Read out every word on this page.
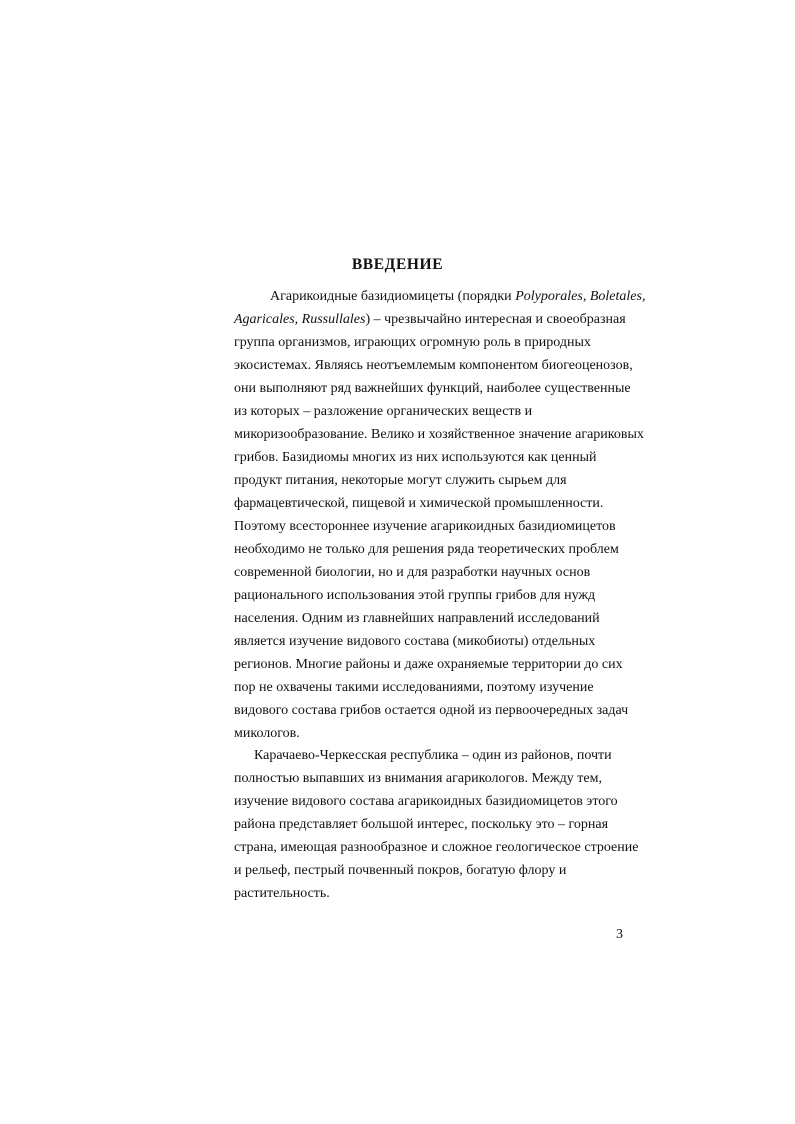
ВВЕДЕНИЕ
Агарикоидные базидиомицеты (порядки Polyporales, Boletales,
Agaricales, Russullales) – чрезвычайно интересная и своеобразная
группа организмов, играющих огромную роль в природных
экосистемах. Являясь неотъемлемым компонентом биогеоценозов,
они выполняют ряд важнейших функций, наиболее существенные
из которых – разложение органических веществ и
микоризообразование. Велико и хозяйственное значение агариковых
грибов. Базидиомы многих из них используются как ценный
продукт питания, некоторые могут служить сырьем для
фармацевтической, пищевой и химической промышленности.
Поэтому всестороннее изучение агарикоидных базидиомицетов
необходимо не только для решения ряда теоретических проблем
современной биологии, но и для разработки научных основ
рационального использования этой группы грибов для нужд
населения. Одним из главнейших направлений исследований
является изучение видового состава (микобиоты) отдельных
регионов. Многие районы и даже охраняемые территории до сих
пор не охвачены такими исследованиями, поэтому изучение
видового состава грибов остается одной из первоочередных задач
микологов.
Карачаево-Черкесская республика – один из районов, почти
полностью выпавших из внимания агарикологов. Между тем,
изучение видового состава агарикоидных базидиомицетов этого
района представляет большой интерес, поскольку это – горная
страна, имеющая разнообразное и сложное геологическое строение
и рельеф, пестрый почвенный покров, богатую флору и
растительность.
3
